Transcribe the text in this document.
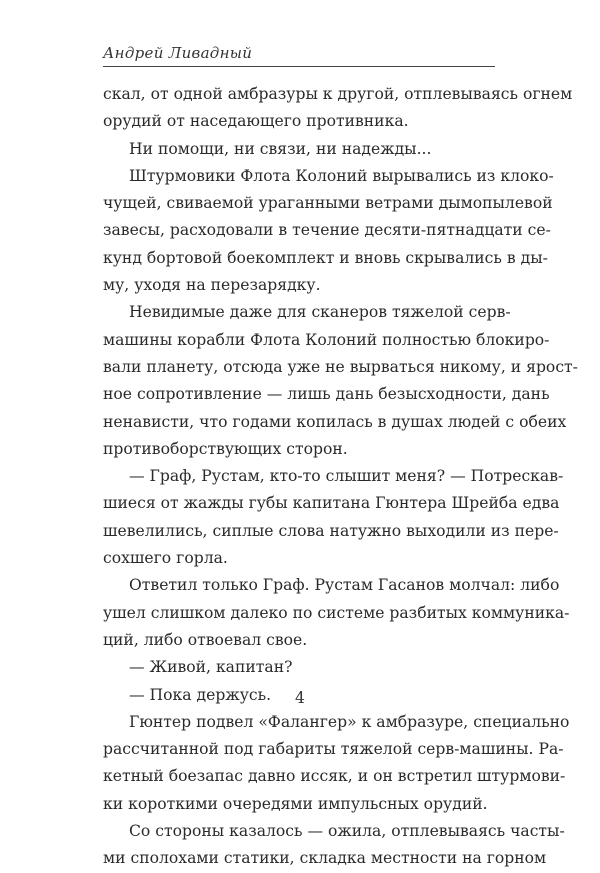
Андрей Ливадный
скал, от одной амбразуры к другой, отплевываясь огнем
орудий от наседающего противника.
Ни помощи, ни связи, ни надежды...
Штурмовики Флота Колоний вырывались из клоко-
чущей, свиваемой ураганными ветрами дымопылевой
завесы, расходовали в течение десяти-пятнадцати се-
кунд бортовой боекомплект и вновь скрывались в ды-
му, уходя на перезарядку.
Невидимые даже для сканеров тяжелой серв-
машины корабли Флота Колоний полностью блокиро-
вали планету, отсюда уже не вырваться никому, и ярост-
ное сопротивление — лишь дань безысходности, дань
ненависти, что годами копилась в душах людей с обеих
противоборствующих сторон.
— Граф, Рустам, кто-то слышит меня? — Потрескав-
шиеся от жажды губы капитана Гюнтера Шрейба едва
шевелились, сиплые слова натужно выходили из пере-
сохшего горла.
Ответил только Граф. Рустам Гасанов молчал: либо
ушел слишком далеко по системе разбитых коммуника-
ций, либо отвоевал свое.
— Живой, капитан?
— Пока держусь.
Гюнтер подвел «Фалангер» к амбразуре, специально
рассчитанной под габариты тяжелой серв-машины. Ра-
кетный боезапас давно иссяк, и он встретил штурмови-
ки короткими очередями импульсных орудий.
Со стороны казалось — ожила, отплевываясь часты-
ми сполохами статики, складка местности на горном
4
